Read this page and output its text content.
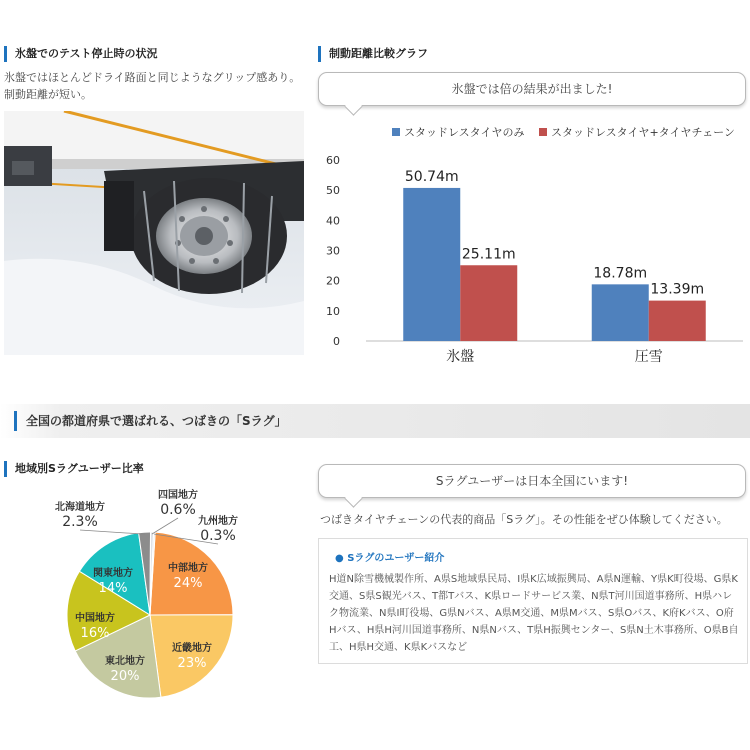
氷盤でのテスト停止時の状況
氷盤ではほとんどドライ路面と同じようなグリップ感あり。制動距離が短い。
制動距離比較グラフ
氷盤では倍の結果が出ました!
スタッドレスタイヤのみ スタッドレスタイヤ+タイヤチェーン
0
10
20
30
40
50
60
50.74m
25.11m
氷盤
18.78m
13.39m
圧雪
全国の都道府県で選ばれる、つばきの「Sラグ」
地域別Sラグユーザー比率
中部地方
24%
近畿地方
23%
東北地方
20%
中国地方
16%
関東地方
14%
北海道地方
2.3%
四国地方
0.6%
九州地方
0.3%
Sラグユーザーは日本全国にいます!
つばきタイヤチェーンの代表的商品「Sラグ」。その性能をぜひ体験してください。
● Sラグのユーザー紹介
H道N除雪機械製作所、A県S地域県民局、I県K広域振興局、A県N運輸、Y県K町役場、G県K交通、S県S観光バス、T都Tバス、K県ロードサービス業、N県T河川国道事務所、H県ハレク物流業、N県I町役場、G県Nバス、A県M交通、M県Mバス、S県Oバス、K府Kバス、O府Hバス、H県H河川国道事務所、N県Nバス、T県H振興センター、S県N土木事務所、O県B自工、H県H交通、K県Kバスなど
